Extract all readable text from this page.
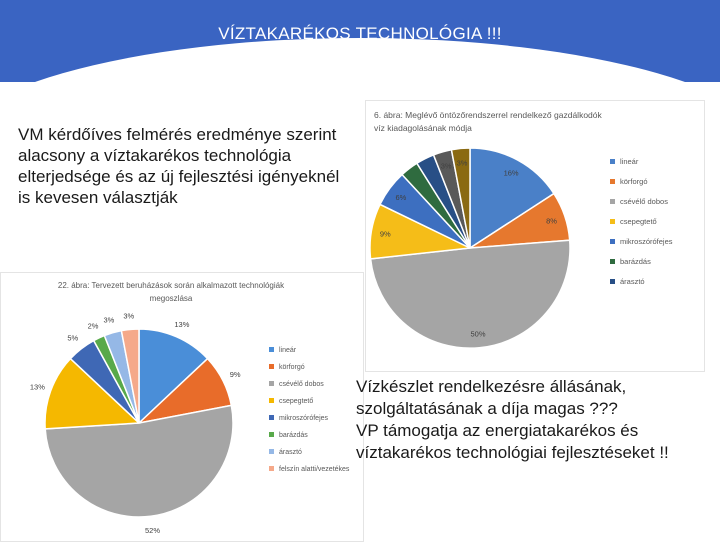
VÍZTAKARÉKOS TECHNOLÓGIA !!!
6. ábra: Meglévő öntözőrendszerrel rendelkező gazdálkodók
víz kiadagolásának módja
16%
8%
50%
9%
6%
3% 3%	lineár
körforgó
csévélő dobos
csepegtető
mikroszórófejes
barázdás
árasztó
22. ábra: Tervezett beruházások során alkalmazott technológiák
megoszlása
13%
9%
52%
13%
5%
2%
3% 3%
lineár
körforgó
csévélő dobos
csepegtető
mikroszórófejes
barázdás
árasztó
felszín alatti/vezetékes
VM kérdőíves felmérés eredménye szerint alacsony a víztakarékos technológia elterjedsége és az új fejlesztési igényeknél is kevesen választják
Vízkészlet rendelkezésre állásának, szolgáltatásának a díja magas ???
VP támogatja az energiatakarékos és víztakarékos technológiai fejlesztéseket !!
